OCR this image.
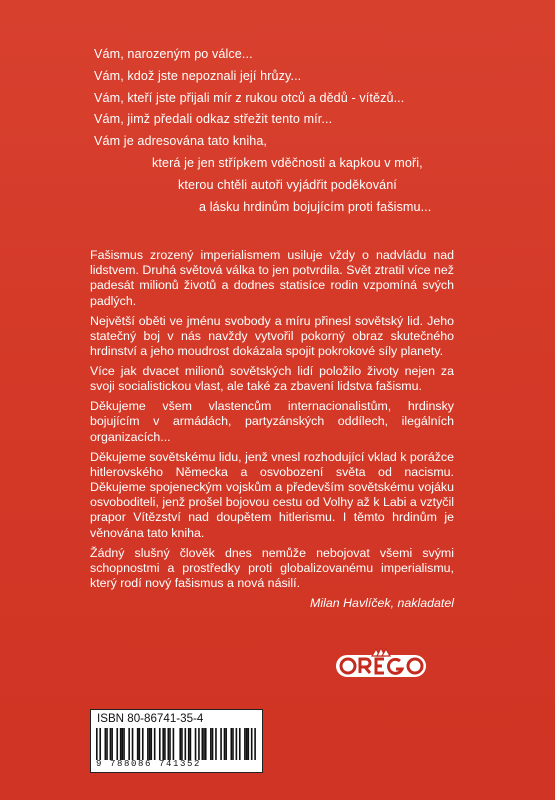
Vám, narozeným po válce...
Vám, kdož jste nepoznali její hrůzy...
Vám, kteří jste přijali mír z rukou otců a dědů - vítězů...
Vám, jimž předali odkaz střežit tento mír...
Vám je adresována tato kniha,
která je jen střípkem vděčnosti a kapkou v moři,
kterou chtěli autoři vyjádřit poděkování
a lásku hrdinům bojujícím proti fašismu...

Fašismus zrozený imperialismem usiluje vždy o nadvládu nad lidstvem. Druhá světová válka to jen potvrdila. Svět ztratil více než padesát milionů životů a dodnes statisíce rodin vzpomíná svých padlých.

Největší oběti ve jménu svobody a míru přinesl sovětský lid. Jeho statečný boj v nás navždy vytvořil pokorný obraz skutečného hrdinství a jeho moudrost dokázala spojit pokrokové síly planety.

Více jak dvacet milionů sovětských lidí položilo životy nejen za svoji socialistickou vlast, ale také za zbavení lidstva fašismu.

Děkujeme všem vlastencům internacionalistům, hrdinsky bojujícím v armádách, partyzánských oddílech, ilegálních organizacích...

Děkujeme sovětskému lidu, jenž vnesl rozhodující vklad k porážce hitlerovského Německa a osvobození světa od nacismu. Děkujeme spojeneckým vojskům a především sovětskému vojáku osvoboditeli, jenž prošel bojovou cestu od Volhy až k Labi a vztyčil prapor Vítězství nad doupětem hitlerismu. I těmto hrdinům je věnována tato kniha.

Žádný slušný člověk dnes nemůže nebojovat všemi svými schopnostmi a prostředky proti globalizovanému imperialismu, který rodí nový fašismus a nová násilí.

Milan Havlíček, nakladatel
ISBN 80-86741-35-4
9 788086 741352
